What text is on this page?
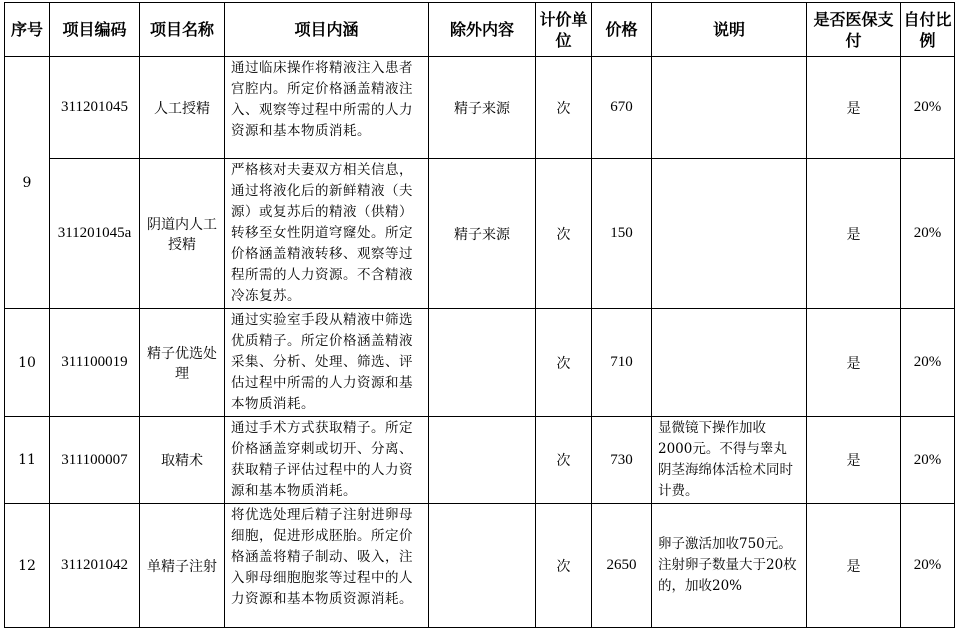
序号	项目编码	项目名称	项目内涵	除外内容	计价单位	价格	说明	是否医保支付	自付比例
9	311201045	人工授精	通过临床操作将精液注入患者宫腔内。所定价格涵盖精液注入、观察等过程中所需的人力资源和基本物质消耗。	精子来源	次	670		是	20%
	311201045a	阴道内人工授精	严格核对夫妻双方相关信息，通过将液化后的新鲜精液（夫源）或复苏后的精液（供精）转移至女性阴道穹窿处。所定价格涵盖精液转移、观察等过程所需的人力资源。不含精液冷冻复苏。	精子来源	次	150		是	20%
10	311100019	精子优选处理	通过实验室手段从精液中筛选优质精子。所定价格涵盖精液采集、分析、处理、筛选、评估过程中所需的人力资源和基本物质消耗。		次	710		是	20%
11	311100007	取精术	通过手术方式获取精子。所定价格涵盖穿刺或切开、分离、获取精子评估过程中的人力资源和基本物质消耗。		次	730	显微镜下操作加收2000元。不得与睾丸阴茎海绵体活检术同时计费。	是	20%
12	311201042	单精子注射	将优选处理后精子注射进卵母细胞，促进形成胚胎。所定价格涵盖将精子制动、吸入，注入卵母细胞胞浆等过程中的人力资源和基本物质资源消耗。		次	2650	卵子激活加收750元。注射卵子数量大于20枚的，加收20%	是	20%
